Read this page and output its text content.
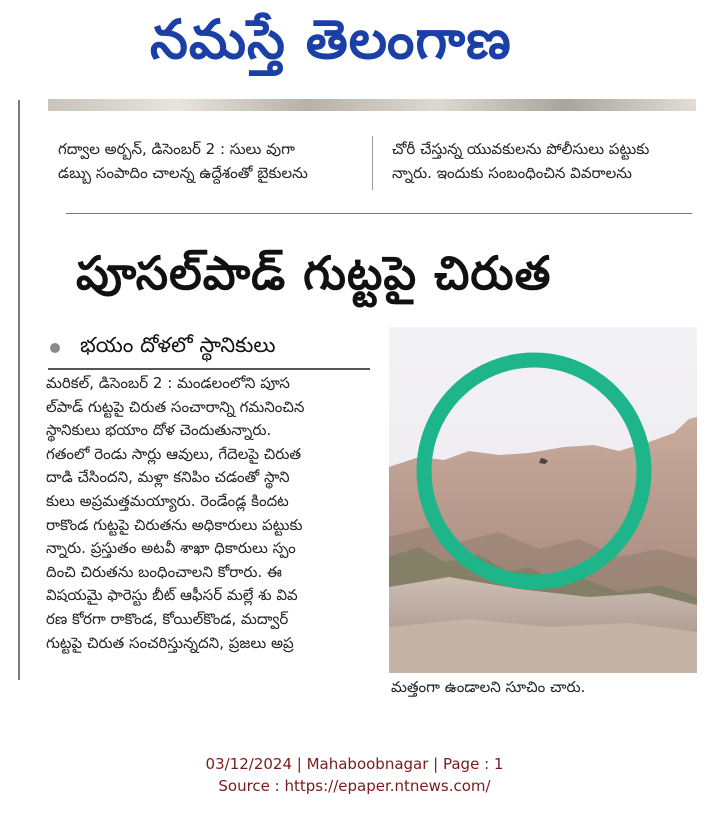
నమస్తే తెలంగాణ
గద్వాల అర్బన్, డిసెంబర్ 2 : సులు వుగా
డబ్బు సంపాదిం చాలన్న ఉద్దేశంతో బైకులను
చోరీ చేస్తున్న యువకులను పోలీసులు పట్టుకు
న్నారు. ఇందుకు సంబంధించిన వివరాలను
పూసల్‌పాడ్ గుట్టపై చిరుత
భయం దోళలో స్థానికులు
మరికల్, డిసెంబర్ 2 : మండలంలోని పూస
ల్‌పాడ్ గుట్టపై చిరుత సంచారాన్ని గమనించిన
స్థానికులు భయాం దోళ చెందుతున్నారు.
గతంలో రెండు సార్లు ఆవులు, గేదెలపై చిరుత
దాడి చేసిందని, మళ్లా కనిపిం చడంతో స్థాని
కులు అప్రమత్తమయ్యారు. రెండేండ్ల కిందట
రాకొండ గుట్టపై చిరుతను అధికారులు పట్టుకు
న్నారు. ప్రస్తుతం అటవీ శాఖా ధికారులు స్పం
దించి చిరుతను బంధించాలని కోరారు. ఈ
విషయమై ఫారెస్టు బీట్ ఆఫీసర్ మల్లే శు వివ
రణ కోరగా రాకొండ, కోయిల్‌కొండ, మద్వార్
గుట్టపై చిరుత సంచరిస్తున్నదని, ప్రజలు అప్ర
మత్తంగా ఉండాలని సూచిం చారు.
03/12/2024 | Mahaboobnagar | Page : 1
Source : https://epaper.ntnews.com/
